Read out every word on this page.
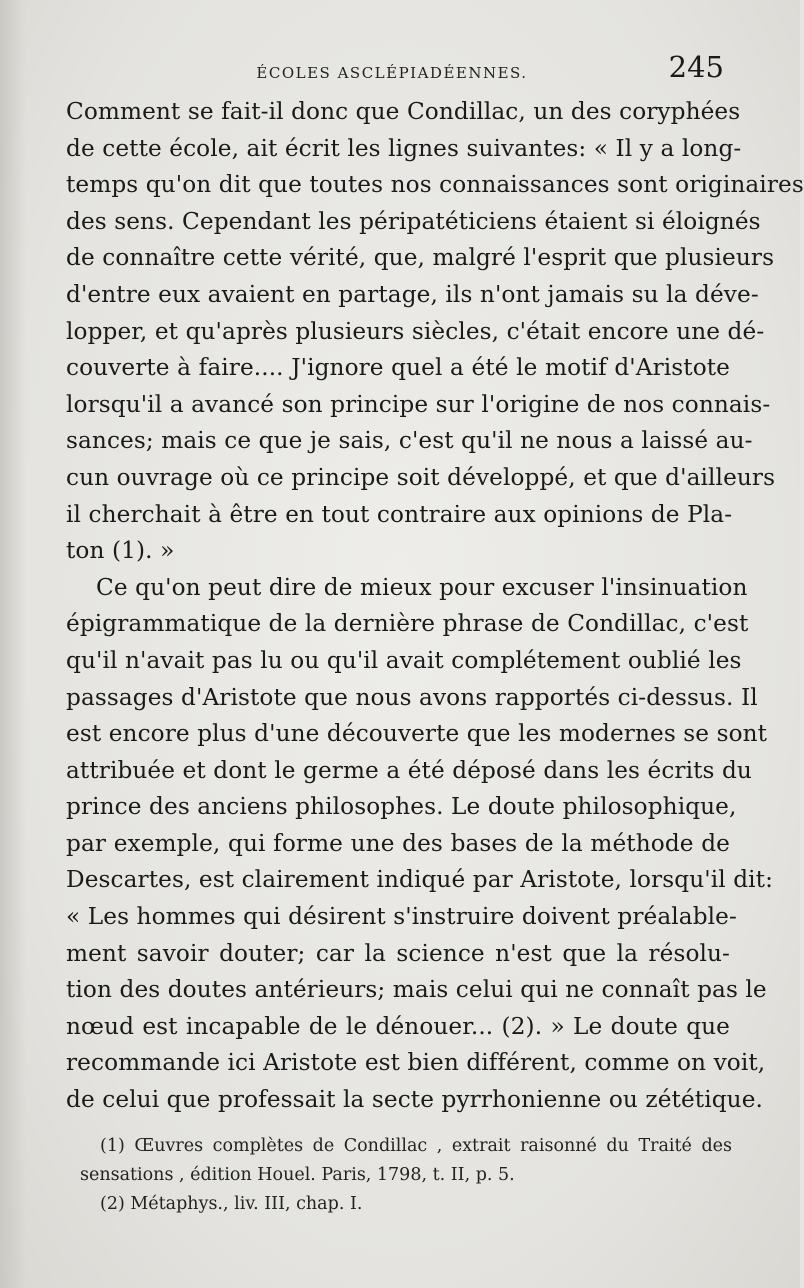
ÉCOLES ASCLÉPIADÉENNES.	245
Comment se fait-il donc que Condillac, un des coryphées
de cette école, ait écrit les lignes suivantes: « Il y a long-
temps qu'on dit que toutes nos connaissances sont originaires
des sens. Cependant les péripatéticiens étaient si éloignés
de connaître cette vérité, que, malgré l'esprit que plusieurs
d'entre eux avaient en partage, ils n'ont jamais su la déve-
lopper, et qu'après plusieurs siècles, c'était encore une dé-
couverte à faire.... J'ignore quel a été le motif d'Aristote
lorsqu'il a avancé son principe sur l'origine de nos connais-
sances; mais ce que je sais, c'est qu'il ne nous a laissé au-
cun ouvrage où ce principe soit développé, et que d'ailleurs
il cherchait à être en tout contraire aux opinions de Pla-
ton (1). »
Ce qu'on peut dire de mieux pour excuser l'insinuation
épigrammatique de la dernière phrase de Condillac, c'est
qu'il n'avait pas lu ou qu'il avait complétement oublié les
passages d'Aristote que nous avons rapportés ci-dessus. Il
est encore plus d'une découverte que les modernes se sont
attribuée et dont le germe a été déposé dans les écrits du
prince des anciens philosophes. Le doute philosophique,
par exemple, qui forme une des bases de la méthode de
Descartes, est clairement indiqué par Aristote, lorsqu'il dit:
« Les hommes qui désirent s'instruire doivent préalable-
ment savoir douter; car la science n'est que la résolu-
tion des doutes antérieurs; mais celui qui ne connaît pas le
nœud est incapable de le dénouer... (2). » Le doute que
recommande ici Aristote est bien différent, comme on voit,
de celui que professait la secte pyrrhonienne ou zététique.
(1) Œuvres complètes de Condillac , extrait raisonné du Traité des
sensations , édition Houel. Paris, 1798, t. II, p. 5.
(2) Métaphys., liv. III, chap. I.
